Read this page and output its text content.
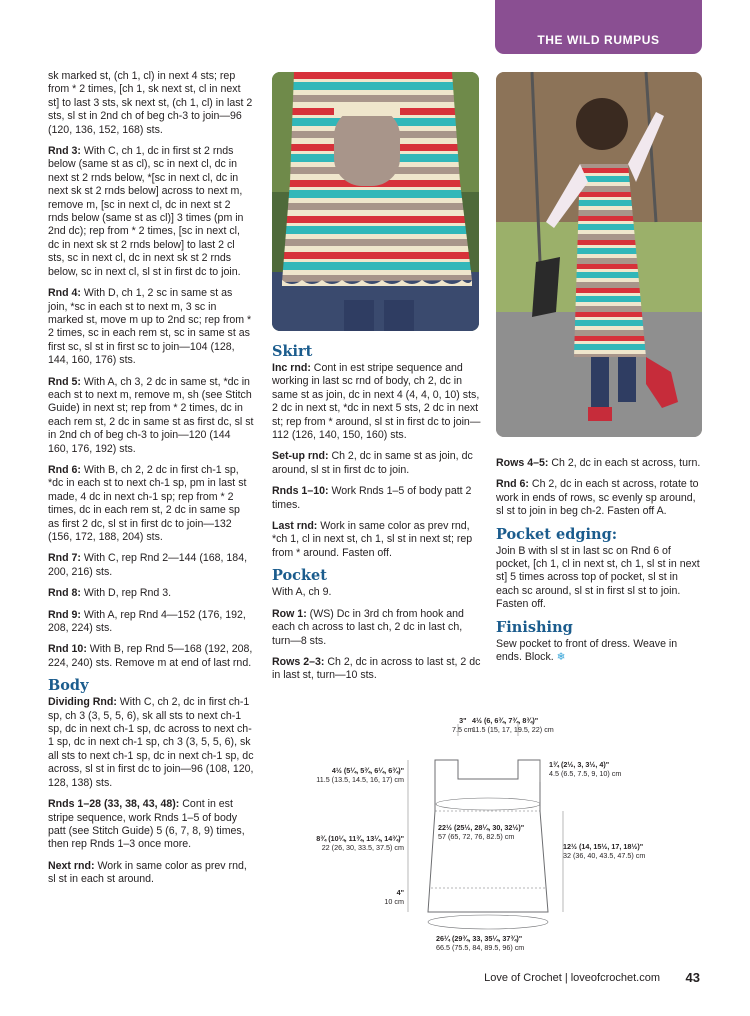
THE WILD RUMPUS

sk marked st, (ch 1, cl) in next 4 sts; rep from * 2 times, [ch 1, sk next st, cl in next st] to last 3 sts, sk next st, (ch 1, cl) in last 2 sts, sl st in 2nd ch of beg ch-3 to join—96 (120, 136, 152, 168) sts.

Rnd 3: With C, ch 1, dc in first st 2 rnds below (same st as cl), sc in next cl, dc in next st 2 rnds below, *[sc in next cl, dc in next sk st 2 rnds below] across to next m, remove m, [sc in next cl, dc in next st 2 rnds below (same st as cl)] 3 times (pm in 2nd dc); rep from * 2 times, [sc in next cl, dc in next sk st 2 rnds below] to last 2 cl sts, sc in next cl, dc in next sk st 2 rnds below, sc in next cl, sl st in first dc to join.

Rnd 4: With D, ch 1, 2 sc in same st as join, *sc in each st to next m, 3 sc in marked st, move m up to 2nd sc; rep from * 2 times, sc in each rem st, sc in same st as first sc, sl st in first sc to join—104 (128, 144, 160, 176) sts.

Rnd 5: With A, ch 3, 2 dc in same st, *dc in each st to next m, remove m, sh (see Stitch Guide) in next st; rep from * 2 times, dc in each rem st, 2 dc in same st as first dc, sl st in 2nd ch of beg ch-3 to join—120 (144 160, 176, 192) sts.

Rnd 6: With B, ch 2, 2 dc in first ch-1 sp, *dc in each st to next ch-1 sp, pm in last st made, 4 dc in next ch-1 sp; rep from * 2 times, dc in each rem st, 2 dc in same sp as first 2 dc, sl st in first dc to join—132 (156, 172, 188, 204) sts.

Rnd 7: With C, rep Rnd 2—144 (168, 184, 200, 216) sts.

Rnd 8: With D, rep Rnd 3.

Rnd 9: With A, rep Rnd 4—152 (176, 192, 208, 224) sts.

Rnd 10: With B, rep Rnd 5—168 (192, 208, 224, 240) sts. Remove m at end of last rnd.

Body

Dividing Rnd: With C, ch 2, dc in first ch-1 sp, ch 3 (3, 5, 5, 6), sk all sts to next ch-1 sp, dc in next ch-1 sp, dc across to next ch-1 sp, dc in next ch-1 sp, ch 3 (3, 5, 5, 6), sk all sts to next ch-1 sp, dc in next ch-1 sp, dc across, sl st in first dc to join—96 (108, 120, 128, 138) sts.

Rnds 1–28 (33, 38, 43, 48): Cont in est stripe sequence, work Rnds 1–5 of body patt (see Stitch Guide) 5 (6, 7, 8, 9) times, then rep Rnds 1–3 once more.

Next rnd: Work in same color as prev rnd, sl st in each st around.

Skirt

Inc rnd: Cont in est stripe sequence and working in last sc rnd of body, ch 2, dc in same st as join, dc in next 4 (4, 4, 0, 10) sts, 2 dc in next st, *dc in next 5 sts, 2 dc in next st; rep from * around, sl st in first dc to join—112 (126, 140, 150, 160) sts.

Set-up rnd: Ch 2, dc in same st as join, dc around, sl st in first dc to join.

Rnds 1–10: Work Rnds 1–5 of body patt 2 times.

Last rnd: Work in same color as prev rnd, *ch 1, cl in next st, ch 1, sl st in next st; rep from * around. Fasten off.

Pocket

With A, ch 9.

Row 1: (WS) Dc in 3rd ch from hook and each ch across to last ch, 2 dc in last ch, turn—8 sts.

Rows 2–3: Ch 2, dc in across to last st, 2 dc in last st, turn—10 sts.

Rows 4–5: Ch 2, dc in each st across, turn.

Rnd 6: Ch 2, dc in each st across, rotate to work in ends of rows, sc evenly sp around, sl st to join in beg ch-2. Fasten off A.

Pocket edging:

Join B with sl st in last sc on Rnd 6 of pocket, [ch 1, cl in next st, ch 1, sl st in next st] 5 times across top of pocket, sl st in each sc around, sl st in first sl st to join. Fasten off.

Finishing

Sew pocket to front of dress. Weave in ends. Block. ❄

3"
7.5 cm
4½ (6, 6¾, 7¾, 8¾)"
11.5 (15, 17, 19.5, 22) cm
1¾ (2½, 3, 3½, 4)"
4.5 (6.5, 7.5, 9, 10) cm
4½ (5¼, 5¾, 6¼, 6¾)"
11.5 (13.5, 14.5, 16, 17) cm
22½ (25½, 28¼, 30, 32½)"
57 (65, 72, 76, 82.5) cm
8¾ (10¼, 11¾, 13¼, 14¾)"
22 (26, 30, 33.5, 37.5) cm	12½ (14, 15½, 17, 18½)"
32 (36, 40, 43.5, 47.5) cm
4"
10 cm
26¼ (29¾, 33, 35¼, 37¾)"
66.5 (75.5, 84, 89.5, 96) cm
Love of Crochet | loveofcrochet.com 43
